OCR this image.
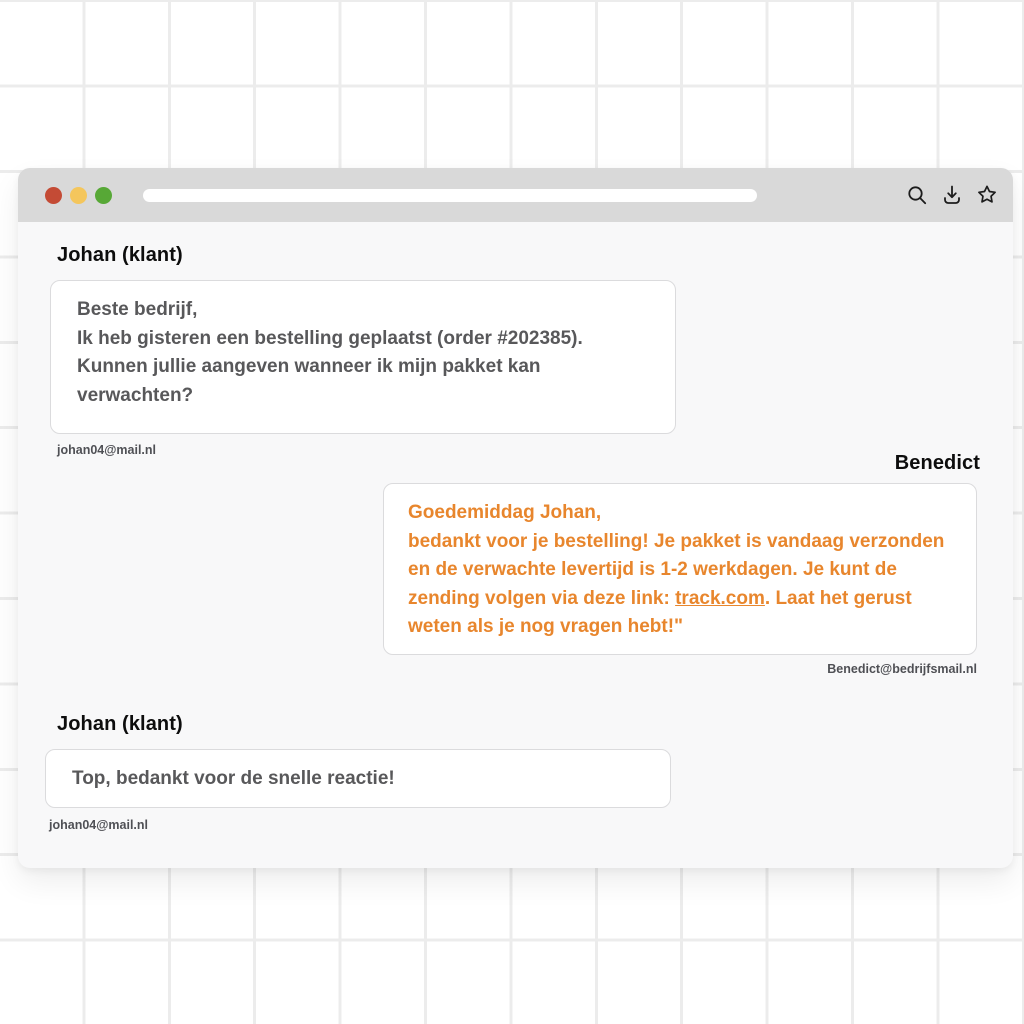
Johan (klant)
Beste bedrijf,
Ik heb gisteren een bestelling geplaatst (order #202385). Kunnen jullie aangeven wanneer ik mijn pakket kan verwachten?
johan04@mail.nl
Benedict
Goedemiddag Johan,
bedankt voor je bestelling! Je pakket is vandaag verzonden en de verwachte levertijd is 1-2 werkdagen. Je kunt de zending volgen via deze link: track.com. Laat het gerust weten als je nog vragen hebt!"
Benedict@bedrijfsmail.nl
Johan (klant)
Top, bedankt voor de snelle reactie!
johan04@mail.nl
